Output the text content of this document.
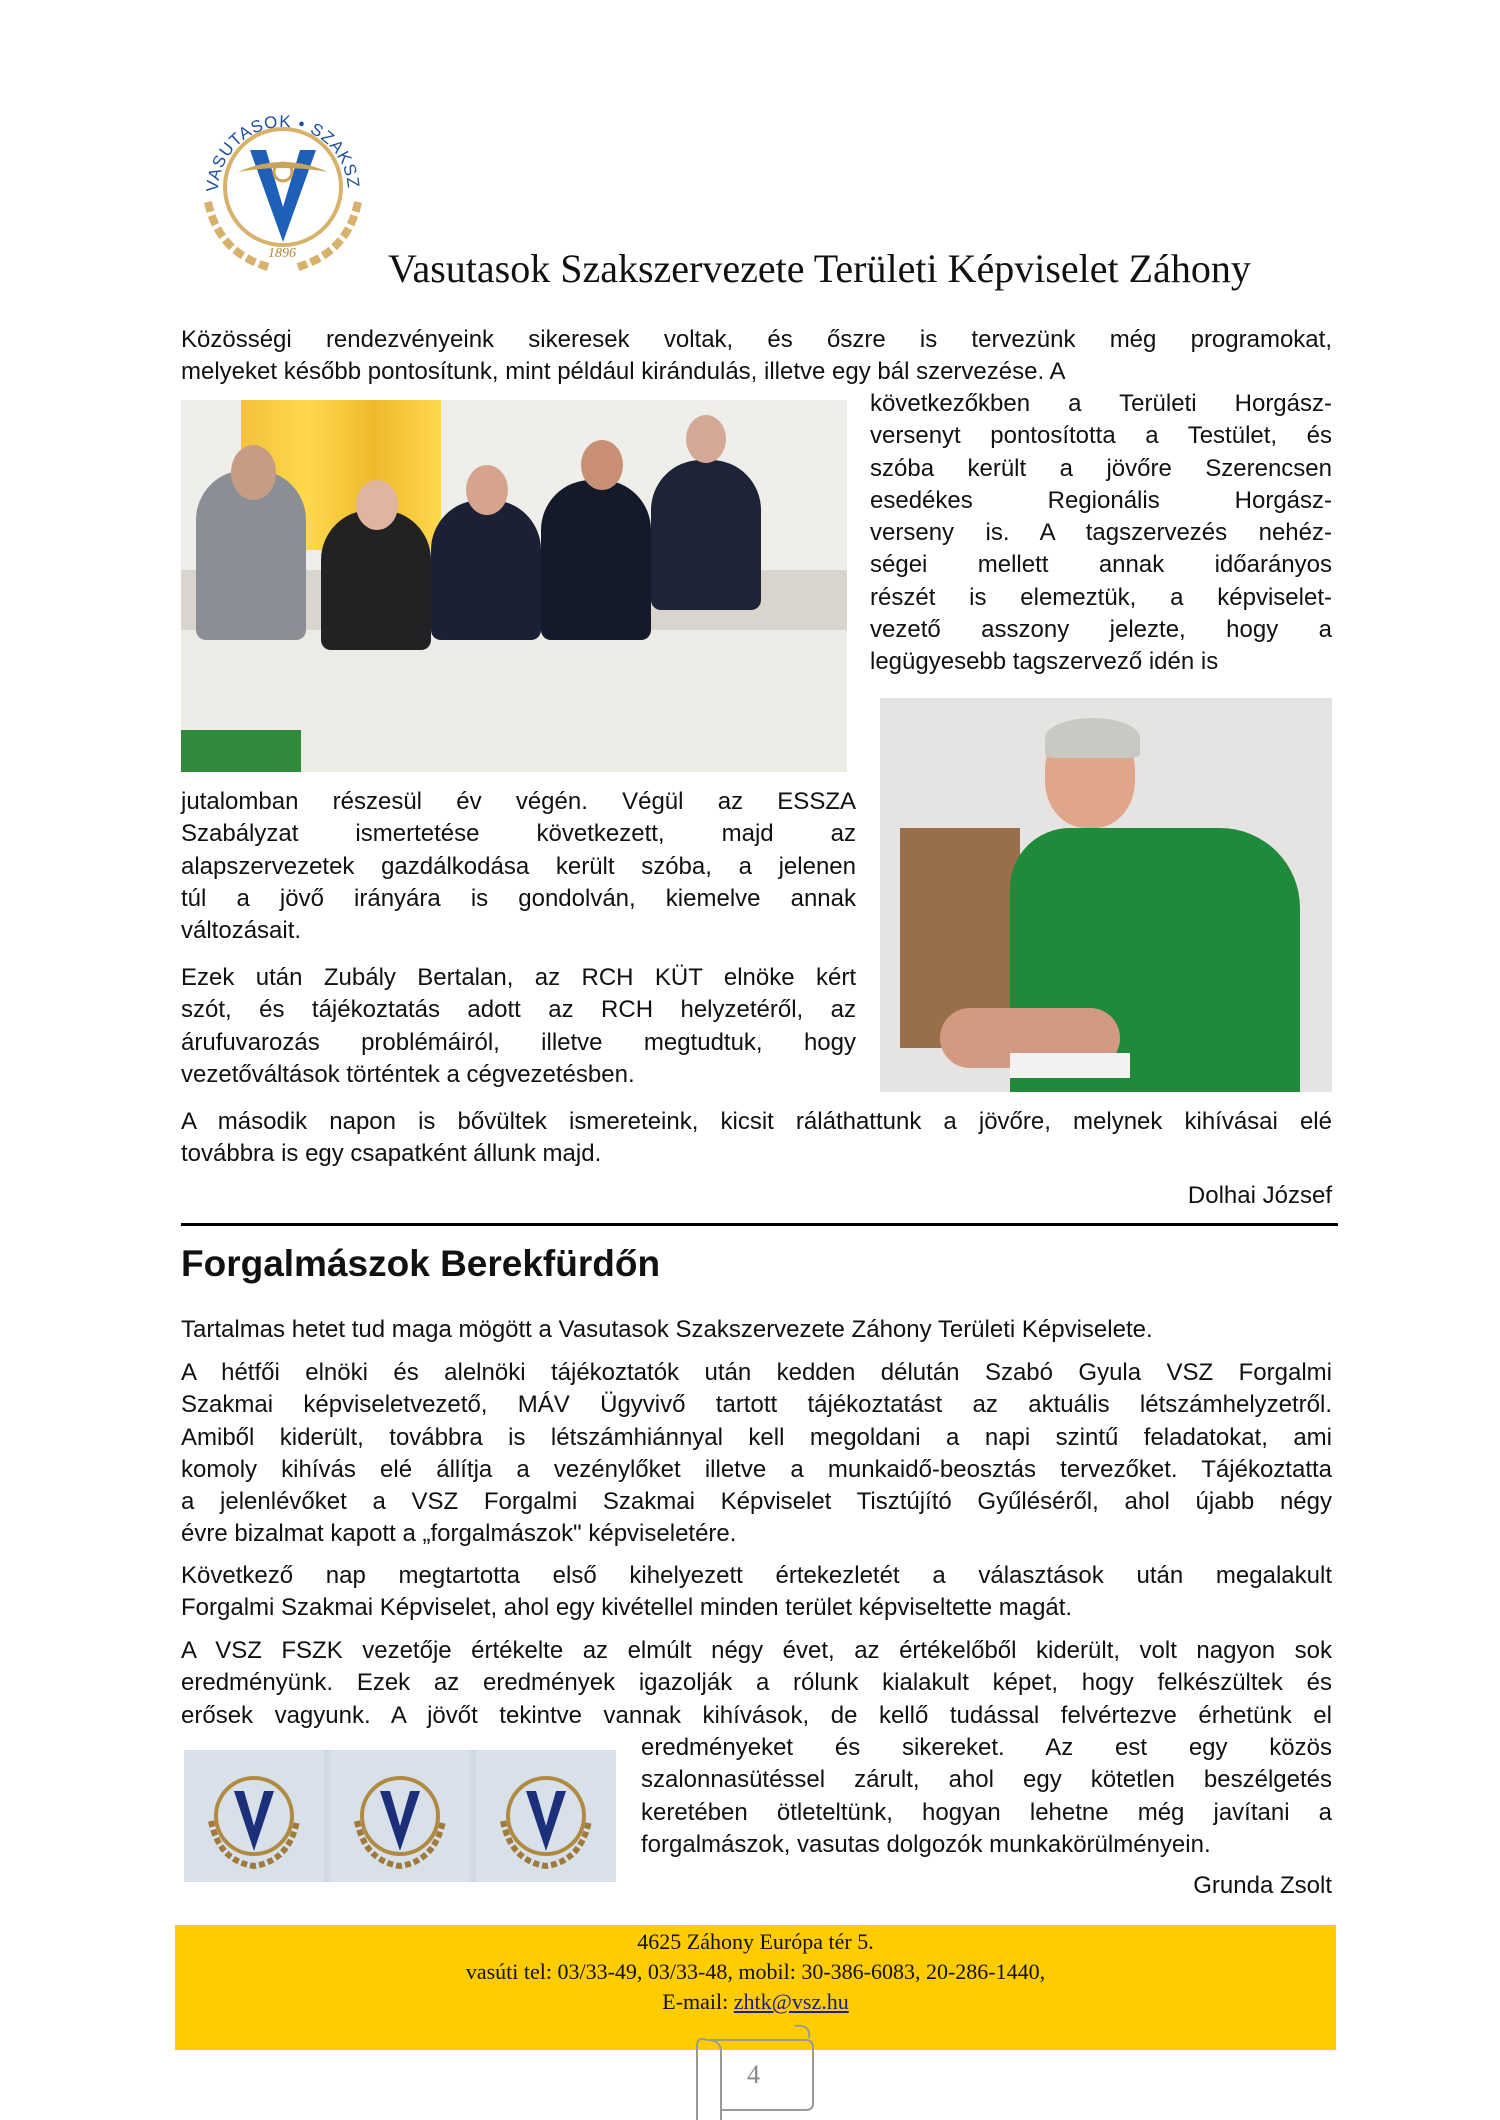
VASUTASOK • SZAKSZ
1896 Vasutasok Szakszervezete Területi Képviselet Záhony
Közösségi rendezvényeink sikeresek voltak, és őszre is tervezünk még programokat,
melyeket később pontosítunk, mint például kirándulás, illetve egy bál szervezése. A
következőkben a Területi Horgász-
versenyt pontosította a Testület, és
szóba került a jövőre Szerencsen
esedékes Regionális Horgász-
verseny is. A tagszervezés nehéz-
ségei mellett annak időarányos
részét is elemeztük, a képviselet-
vezető asszony jelezte, hogy a
legügyesebb tagszervező idén is
jutalomban részesül év végén. Végül az ESSZA
Szabályzat ismertetése következett, majd az
alapszervezetek gazdálkodása került szóba, a jelenen
túl a jövő irányára is gondolván, kiemelve annak
változásait.
Ezek után Zubály Bertalan, az RCH KÜT elnöke kért
szót, és tájékoztatás adott az RCH helyzetéről, az
árufuvarozás problémáiról, illetve megtudtuk, hogy
vezetőváltások történtek a cégvezetésben.
A második napon is bővültek ismereteink, kicsit ráláthattunk a jövőre, melynek kihívásai elé
továbbra is egy csapatként állunk majd.
Dolhai József
Forgalmászok Berekfürdőn
Tartalmas hetet tud maga mögött a Vasutasok Szakszervezete Záhony Területi Képviselete.
A hétfői elnöki és alelnöki tájékoztatók után kedden délután Szabó Gyula VSZ Forgalmi
Szakmai képviseletvezető, MÁV Ügyvivő tartott tájékoztatást az aktuális létszámhelyzetről.
Amiből kiderült, továbbra is létszámhiánnyal kell megoldani a napi szintű feladatokat, ami
komoly kihívás elé állítja a vezénylőket illetve a munkaidő-beosztás tervezőket. Tájékoztatta
a jelenlévőket a VSZ Forgalmi Szakmai Képviselet Tisztújító Gyűléséről, ahol újabb négy
évre bizalmat kapott a „forgalmászok" képviseletére.
Következő nap megtartotta első kihelyezett értekezletét a választások után megalakult
Forgalmi Szakmai Képviselet, ahol egy kivétellel minden terület képviseltette magát.
A VSZ FSZK vezetője értékelte az elmúlt négy évet, az értékelőből kiderült, volt nagyon sok
eredményünk. Ezek az eredmények igazolják a rólunk kialakult képet, hogy felkészültek és
erősek vagyunk. A jövőt tekintve vannak kihívások, de kellő tudással felvértezve érhetünk el
eredményeket és sikereket. Az est egy közös
szalonnasütéssel zárult, ahol egy kötetlen beszélgetés
keretében ötleteltünk, hogyan lehetne még javítani a
forgalmászok, vasutas dolgozók munkakörülményein.
Grunda Zsolt
4625 Záhony Európa tér 5.
vasúti tel: 03/33-49, 03/33-48, mobil: 30-386-6083, 20-286-1440,
E-mail: zhtk@vsz.hu
4
